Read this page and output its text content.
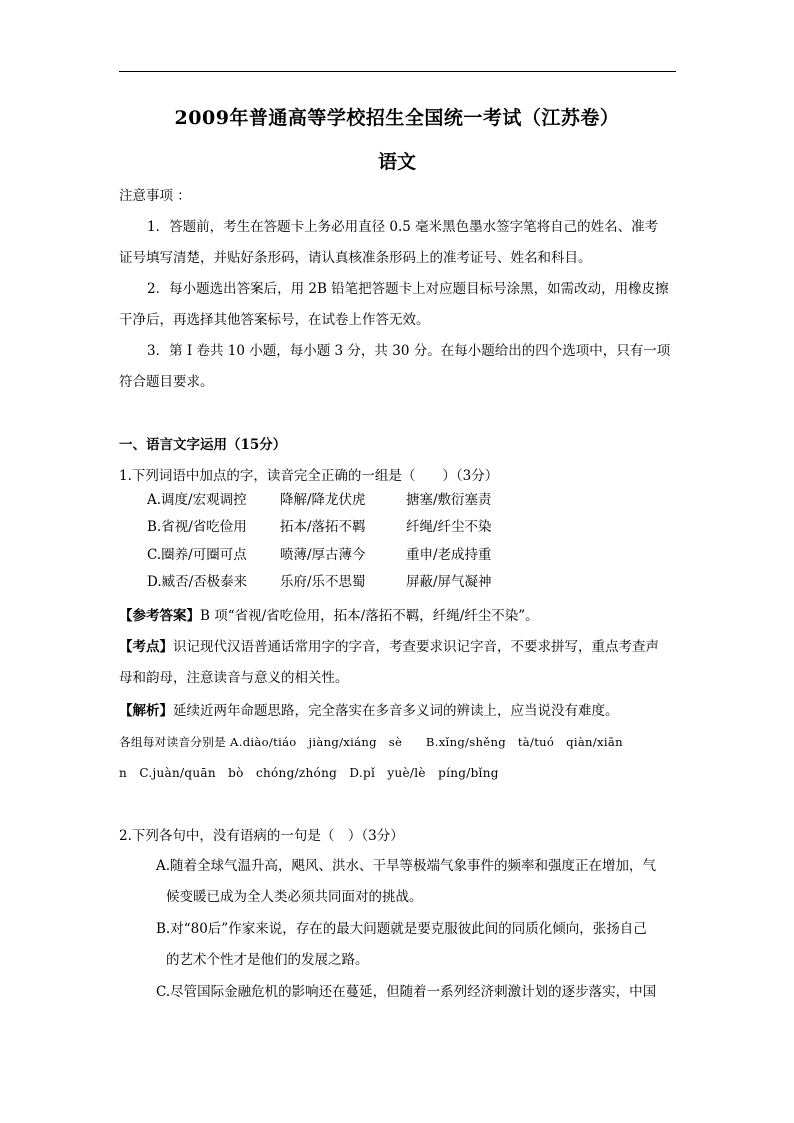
2009年普通高等学校招生全国统一考试（江苏卷）
语文
注意事项 ：
1．答题前，考生在答题卡上务必用直径 0.5 毫米黑色墨水签字笔将自己的姓名、准考
证号填写清楚，并贴好条形码，请认真核准条形码上的准考证号、姓名和科目。
2．每小题选出答案后，用 2B 铅笔把答题卡上对应题目标号涂黑，如需改动，用橡皮擦
干净后，再选择其他答案标号，在试卷上作答无效。
3．第 I 卷共 10 小题，每小题 3 分，共 30 分。在每小题给出的四个选项中，只有一项
符合题目要求。
一、语言文字运用（15分）
1.下列词语中加点的字，读音完全正确的一组是（　　）（3分）
A.调度/宏观调控 降解/降龙伏虎	搪塞/敷衍塞责
B.省视/省吃俭用 拓本/落拓不羁	纤绳/纤尘不染
C.圈养/可圈可点 喷薄/厚古薄今	重申/老成持重
D.臧否/否极泰来 乐府/乐不思蜀	屏蔽/屏气凝神
【参考答案】B 项“省视/省吃俭用，拓本/落拓不羁，纤绳/纤尘不染”。
【考点】识记现代汉语普通话常用字的字音，考查要求识记字音，不要求拼写，重点考查声
母和韵母，注意读音与意义的相关性。
【解析】延续近两年命题思路，完全落实在多音多义词的辨读上，应当说没有难度。
各组每对读音分别是 A.diào/tiáo　jiàng/xiáng　sè　　B.xǐng/shěng　tà/tuó　qiàn/xiān
n　C.juàn/quān　bò　chóng/zhóng　D.pǐ　yuè/lè　píng/bǐng
2.下列各句中，没有语病的一句是（　）（3分）
A.随着全球气温升高，飓风、洪水、干旱等极端气象事件的频率和强度正在增加，气
候变暖已成为全人类必须共同面对的挑战。
B.对“80后”作家来说，存在的最大问题就是要克服彼此间的同质化倾向，张扬自己
的艺术个性才是他们的发展之路。
C.尽管国际金融危机的影响还在蔓延，但随着一系列经济刺激计划的逐步落实，中国
